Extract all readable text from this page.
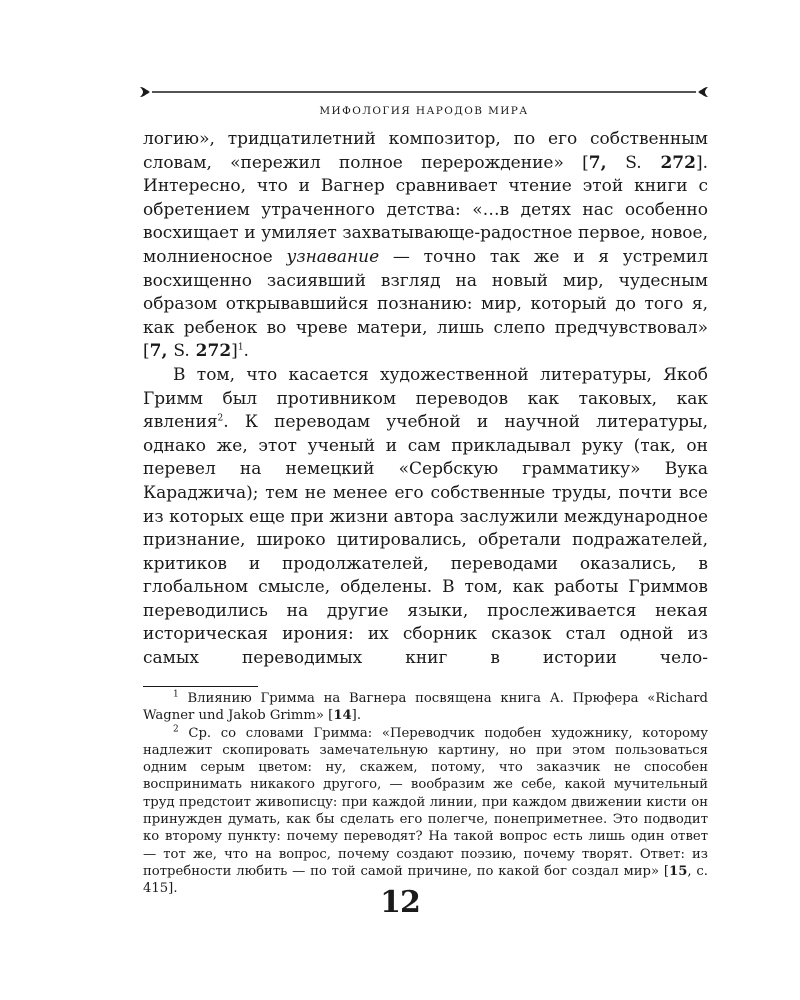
МИФОЛОГИЯ НАРОДОВ МИРА

логию», тридцатилетний композитор, по его собственным словам, «пережил полное перерождение» [7, S. 272]. Интересно, что и Вагнер сравнивает чтение этой книги с обретением утраченного детства: «…в детях нас особенно восхищает и умиляет захватывающе-радостное первое, новое, молниеносное узнавание — точно так же и я устремил восхищенно засиявший взгляд на новый мир, чудесным образом открывавшийся познанию: мир, который до того я, как ребенок во чреве матери, лишь слепо предчувствовал» [7, S. 272]$^1$.

В том, что касается художественной литературы, Якоб Гримм был противником переводов как таковых, как явления$^2$. К переводам учебной и научной литературы, однако же, этот ученый и сам прикладывал руку (так, он перевел на немецкий «Сербскую грамматику» Вука Караджича); тем не менее его собственные труды, почти все из которых еще при жизни автора заслужили международное признание, широко цитировались, обретали подражателей, критиков и продолжателей, переводами оказались, в глобальном смысле, обделены. В том, как работы Гриммов переводились на другие языки, прослеживается некая историческая ирония: их сборник сказок стал одной из самых переводимых книг в истории чело-

$^1$ Влиянию Гримма на Вагнера посвящена книга А. Прюфера «Richard Wagner und Jakob Grimm» [14].

$^2$ Ср. со словами Гримма: «Переводчик подобен художнику, которому надлежит скопировать замечательную картину, но при этом пользоваться одним серым цветом: ну, скажем, потому, что заказчик не способен воспринимать никакого другого, — вообразим же себе, какой мучительный труд предстоит живописцу: при каждой линии, при каждом движении кисти он принужден думать, как бы сделать его полегче, понеприметнее. Это подводит ко второму пункту: почему переводят? На такой вопрос есть лишь один ответ — тот же, что на вопрос, почему создают поэзию, почему творят. Ответ: из потребности любить — по той самой причине, по какой бог создал мир» [15, с. 415].	12
